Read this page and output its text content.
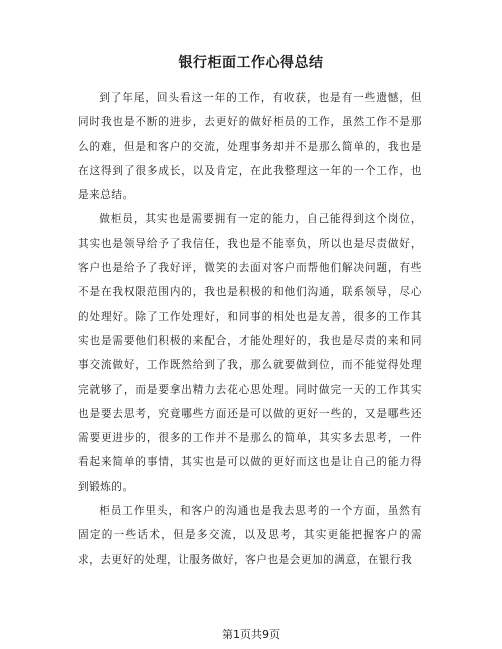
银行柜面工作心得总结

到了年尾，回头看这一年的工作，有收获，也是有一些遗憾，但同时我也是不断的进步，去更好的做好柜员的工作，虽然工作不是那么的难，但是和客户的交流，处理事务却并不是那么简单的，我也是在这得到了很多成长，以及肯定，在此我整理这一年的一个工作，也是来总结。

做柜员，其实也是需要拥有一定的能力，自己能得到这个岗位，其实也是领导给予了我信任，我也是不能辜负，所以也是尽责做好，客户也是给予了我好评，微笑的去面对客户而帮他们解决问题，有些不是在我权限范围内的，我也是积极的和他们沟通，联系领导，尽心的处理好。除了工作处理好，和同事的相处也是友善，很多的工作其实也是需要他们积极的来配合，才能处理好的，我也是尽责的来和同事交流做好，工作既然给到了我，那么就要做到位，而不能觉得处理完就够了，而是要拿出精力去花心思处理。同时做完一天的工作其实也是要去思考，究竟哪些方面还是可以做的更好一些的，又是哪些还需要更进步的，很多的工作并不是那么的简单，其实多去思考，一件看起来简单的事情，其实也是可以做的更好而这也是让自己的能力得到锻炼的。

柜员工作里头，和客户的沟通也是我去思考的一个方面，虽然有固定的一些话术，但是多交流，以及思考，其实更能把握客户的需求，去更好的处理，让服务做好，客户也是会更加的满意，在银行我

第1页共9页
